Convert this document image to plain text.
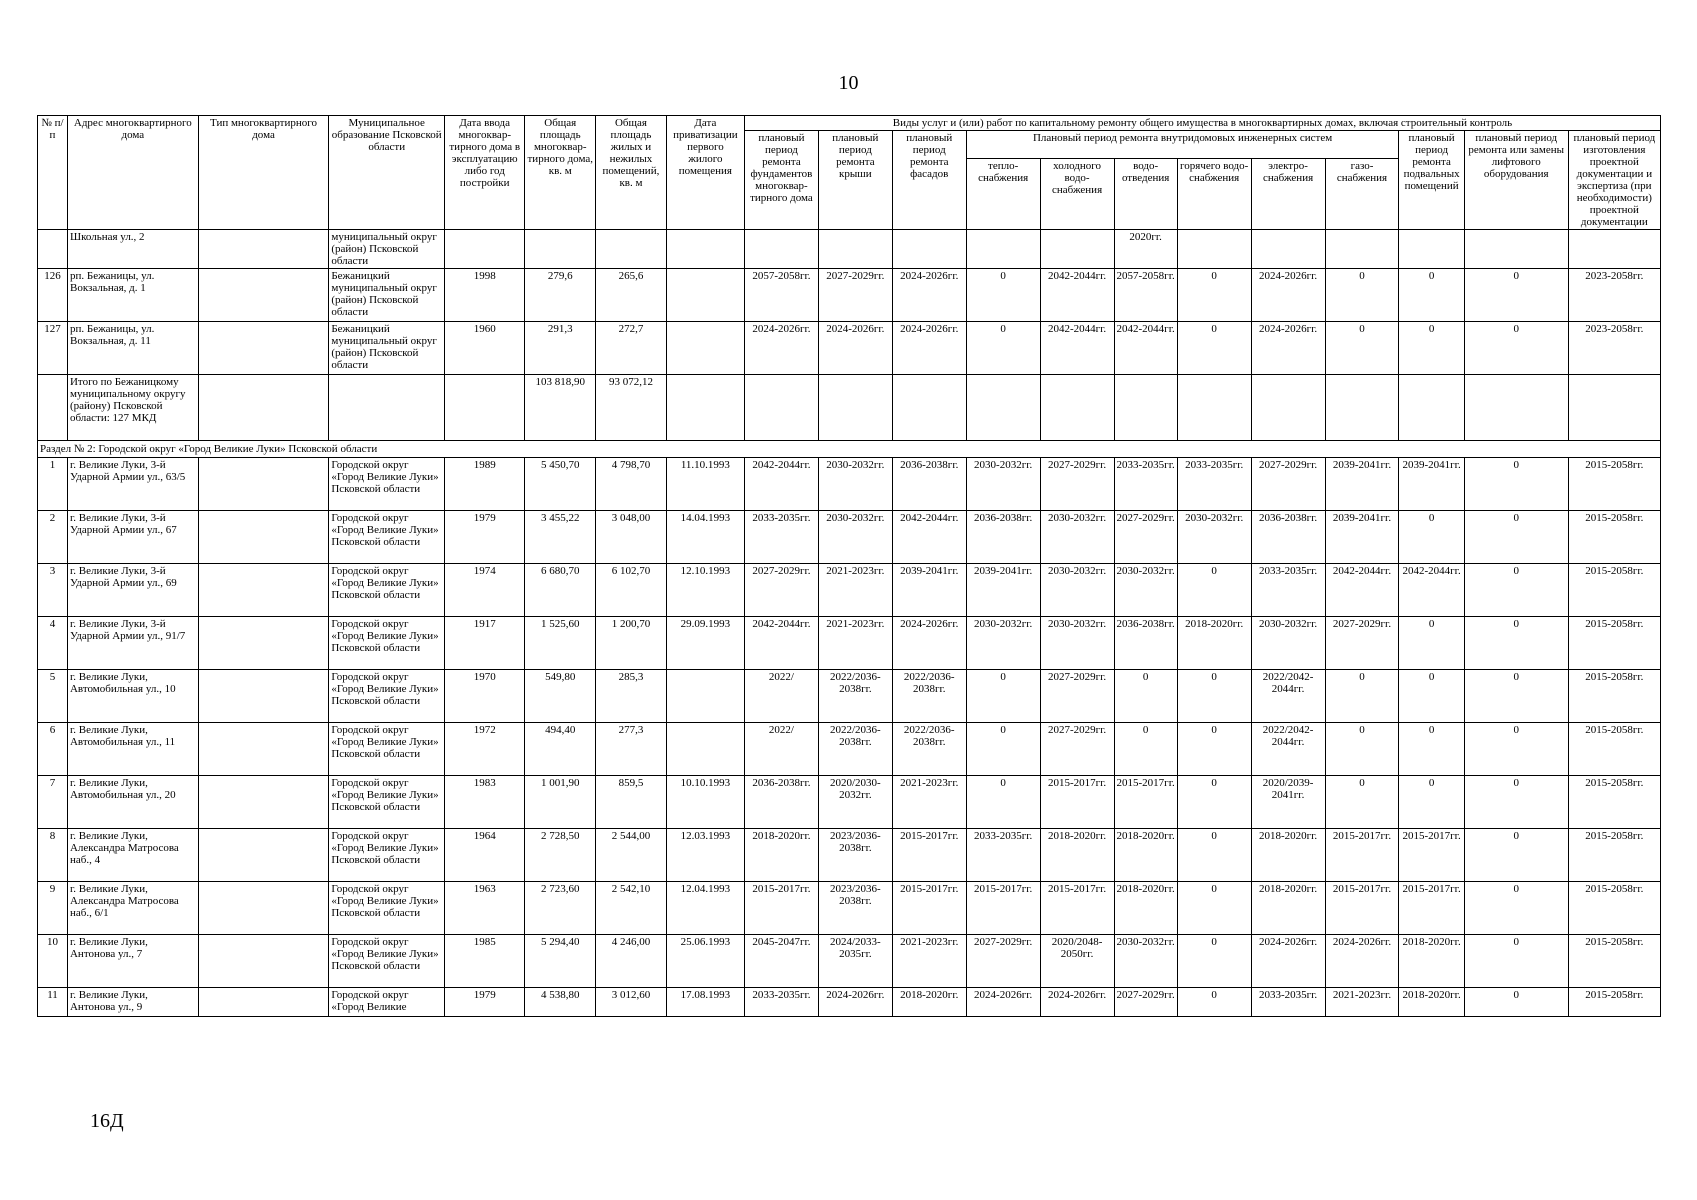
10
№ п/п	Адрес многоквартирного дома	Тип многоквартирного дома	Муниципальное образование Псковской области	Дата ввода многоквар-тирного дома в эксплуатацию либо год постройки	Общая площадь многоквар-тирного дома, кв. м	Общая площадь жилых и нежилых помещений, кв. м	Дата приватизации первого жилого помещения	Виды услуг и (или) работ по капитальному ремонту общего имущества в многоквартирных домах, включая строительный контроль											
								плановый период ремонта фундаментов многоквар-тирного дома	плановый период ремонта крыши	плановый период ремонта фасадов	Плановый период ремонта внутридомовых инженерных систем						плановый период ремонта подвальных помещений	плановый период ремонта или замены лифтового оборудования	плановый период изготовления проектной документации и экспертиза (при необходимости) проектной документации
											тепло-снабжения	холодного водо-снабжения	водо-отведения	горячего водо-снабжения	электро-снабжения	газо-снабжения			
	Школьная ул., 2		муниципальный округ (район) Псковской области										2020гг.						
126	рп. Бежаницы, ул. Вокзальная, д. 1		Бежаницкий муниципальный округ (район) Псковской области	1998	279,6	265,6		2057-2058гг.	2027-2029гг.	2024-2026гг.	0	2042-2044гг.	2057-2058гг.	0	2024-2026гг.	0	0	0	2023-2058гг.
127	рп. Бежаницы, ул. Вокзальная, д. 11		Бежаницкий муниципальный округ (район) Псковской области	1960	291,3	272,7		2024-2026гг.	2024-2026гг.	2024-2026гг.	0	2042-2044гг.	2042-2044гг.	0	2024-2026гг.	0	0	0	2023-2058гг.
	Итого по Бежаницкому муниципальному округу (району) Псковской области: 127 МКД				103 818,90	93 072,12													
Раздел № 2: Городской округ «Город Великие Луки» Псковской области																			
1	г. Великие Луки, 3-й Ударной Армии ул., 63/5		Городской округ «Город Великие Луки» Псковской области	1989	5 450,70	4 798,70	11.10.1993	2042-2044гг.	2030-2032гг.	2036-2038гг.	2030-2032гг.	2027-2029гг.	2033-2035гг.	2033-2035гг.	2027-2029гг.	2039-2041гг.	2039-2041гг.	0	2015-2058гг.
2	г. Великие Луки, 3-й Ударной Армии ул., 67		Городской округ «Город Великие Луки» Псковской области	1979	3 455,22	3 048,00	14.04.1993	2033-2035гг.	2030-2032гг.	2042-2044гг.	2036-2038гг.	2030-2032гг.	2027-2029гг.	2030-2032гг.	2036-2038гг.	2039-2041гг.	0	0	2015-2058гг.
3	г. Великие Луки, 3-й Ударной Армии ул., 69		Городской округ «Город Великие Луки» Псковской области	1974	6 680,70	6 102,70	12.10.1993	2027-2029гг.	2021-2023гг.	2039-2041гг.	2039-2041гг.	2030-2032гг.	2030-2032гг.	0	2033-2035гг.	2042-2044гг.	2042-2044гг.	0	2015-2058гг.
4	г. Великие Луки, 3-й Ударной Армии ул., 91/7		Городской округ «Город Великие Луки» Псковской области	1917	1 525,60	1 200,70	29.09.1993	2042-2044гг.	2021-2023гг.	2024-2026гг.	2030-2032гг.	2030-2032гг.	2036-2038гг.	2018-2020гг.	2030-2032гг.	2027-2029гг.	0	0	2015-2058гг.
5	г. Великие Луки, Автомобильная ул., 10		Городской округ «Город Великие Луки» Псковской области	1970	549,80	285,3		2022/	2022/2036-2038гг.	2022/2036-2038гг.	0	2027-2029гг.	0	0	2022/2042-2044гг.	0	0	0	2015-2058гг.
6	г. Великие Луки, Автомобильная ул., 11		Городской округ «Город Великие Луки» Псковской области	1972	494,40	277,3		2022/	2022/2036-2038гг.	2022/2036-2038гг.	0	2027-2029гг.	0	0	2022/2042-2044гг.	0	0	0	2015-2058гг.
7	г. Великие Луки, Автомобильная ул., 20		Городской округ «Город Великие Луки» Псковской области	1983	1 001,90	859,5	10.10.1993	2036-2038гг.	2020/2030-2032гг.	2021-2023гг.	0	2015-2017гг.	2015-2017гг.	0	2020/2039-2041гг.	0	0	0	2015-2058гг.
8	г. Великие Луки, Александра Матросова наб., 4		Городской округ «Город Великие Луки» Псковской области	1964	2 728,50	2 544,00	12.03.1993	2018-2020гг.	2023/2036-2038гг.	2015-2017гг.	2033-2035гг.	2018-2020гг.	2018-2020гг.	0	2018-2020гг.	2015-2017гг.	2015-2017гг.	0	2015-2058гг.
9	г. Великие Луки, Александра Матросова наб., 6/1		Городской округ «Город Великие Луки» Псковской области	1963	2 723,60	2 542,10	12.04.1993	2015-2017гг.	2023/2036-2038гг.	2015-2017гг.	2015-2017гг.	2015-2017гг.	2018-2020гг.	0	2018-2020гг.	2015-2017гг.	2015-2017гг.	0	2015-2058гг.
10	г. Великие Луки, Антонова ул., 7		Городской округ «Город Великие Луки» Псковской области	1985	5 294,40	4 246,00	25.06.1993	2045-2047гг.	2024/2033-2035гг.	2021-2023гг.	2027-2029гг.	2020/2048-2050гг.	2030-2032гг.	0	2024-2026гг.	2024-2026гг.	2018-2020гг.	0	2015-2058гг.
11	г. Великие Луки, Антонова ул., 9		Городской округ «Город Великие	1979	4 538,80	3 012,60	17.08.1993	2033-2035гг.	2024-2026гг.	2018-2020гг.	2024-2026гг.	2024-2026гг.	2027-2029гг.	0	2033-2035гг.	2021-2023гг.	2018-2020гг.	0	2015-2058гг.
16Д
